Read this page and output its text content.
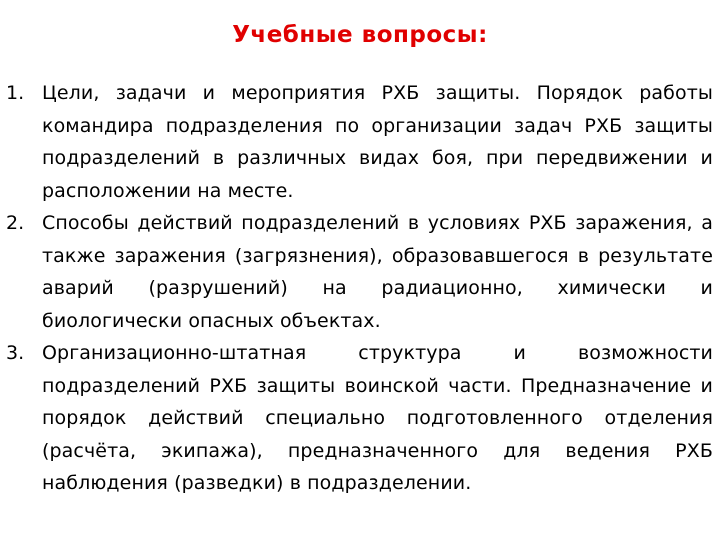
Учебные вопросы:
1. Цели, задачи и мероприятия РХБ защиты. Порядок работы командира подразделения по организации задач РХБ защиты подразделений в различных видах боя, при передвижении и расположении на месте.
2. Способы действий подразделений в условиях РХБ заражения, а также заражения (загрязнения), образовавшегося в результате аварий (разрушений) на радиационно, химически и биологически опасных объектах.
3. Организационно-штатная структура и возможности подразделений РХБ защиты воинской части. Предназначение и порядок действий специально подготовленного отделения (расчёта, экипажа), предназначенного для ведения РХБ наблюдения (разведки) в подразделении.
